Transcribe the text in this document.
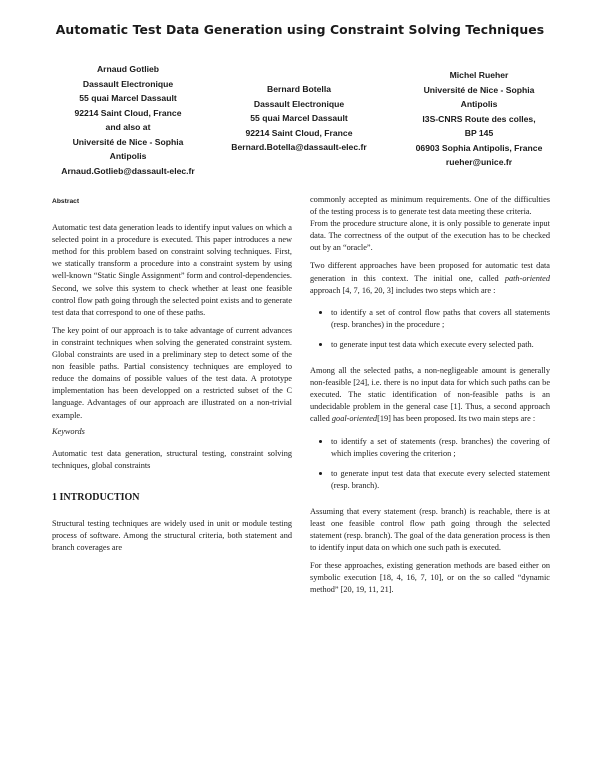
Automatic Test Data Generation using Constraint Solving Techniques
Arnaud Gotlieb
Dassault Electronique
55 quai Marcel Dassault
92214 Saint Cloud, France
and also at
Université de Nice - Sophia
Antipolis
Arnaud.Gotlieb@dassault-elec.fr
Bernard Botella
Dassault Electronique
55 quai Marcel Dassault
92214 Saint Cloud, France
Bernard.Botella@dassault-elec.fr
Michel Rueher
Université de Nice - Sophia
Antipolis
I3S-CNRS Route des colles,
BP 145
06903 Sophia Antipolis, France
rueher@unice.fr

Abstract

Automatic test data generation leads to identify input values on which a selected point in a procedure is executed. This paper introduces a new method for this problem based on constraint solving techniques. First, we statically transform a procedure into a constraint system by using well-known “Static Single Assignment” form and control-dependencies. Second, we solve this system to check whether at least one feasible control flow path going through the selected point exists and to generate test data that correspond to one of these paths.

The key point of our approach is to take advantage of current advances in constraint techniques when solving the generated constraint system. Global constraints are used in a preliminary step to detect some of the non feasible paths. Partial consistency techniques are employed to reduce the domains of possible values of the test data. A prototype implementation has been developped on a restricted subset of the C language. Advantages of our approach are illustrated on a non-trivial example.

Keywords

Automatic test data generation, structural testing, constraint solving techniques, global constraints

1 INTRODUCTION

Structural testing techniques are widely used in unit or module testing process of software. Among the structural criteria, both statement and branch coverages are

commonly accepted as minimum requirements. One of the difficulties of the testing process is to generate test data meeting these criteria.

From the procedure structure alone, it is only possible to generate input data. The correctness of the output of the execution has to be checked out by an “oracle”.

Two different approaches have been proposed for automatic test data generation in this context. The initial one, called path-oriented approach [4, 7, 16, 20, 3] includes two steps which are :

to identify a set of control flow paths that covers all statements (resp. branches) in the procedure ;
to generate input test data which execute every selected path.

Among all the selected paths, a non-negligeable amount is generally non-feasible [24], i.e. there is no input data for which such paths can be executed. The static identification of non-feasible paths is an undecidable problem in the general case [1]. Thus, a second approach called goal-oriented[19] has been proposed. Its two main steps are :

to identify a set of statements (resp. branches) the covering of which implies covering the criterion ;
to generate input test data that execute every selected statement (resp. branch).

Assuming that every statement (resp. branch) is reachable, there is at least one feasible control flow path going through the selected statement (resp. branch). The goal of the data generation process is then to identify input data on which one such path is executed.

For these approaches, existing generation methods are based either on symbolic execution [18, 4, 16, 7, 10], or on the so called “dynamic method” [20, 19, 11, 21].
